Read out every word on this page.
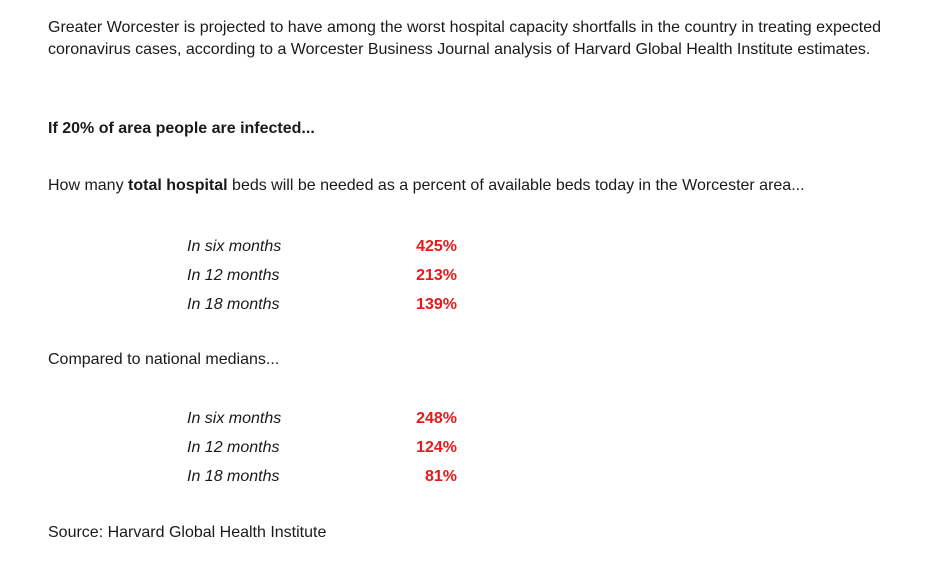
Greater Worcester is projected to have among the worst hospital capacity shortfalls in the country in treating expected coronavirus cases, according to a Worcester Business Journal analysis of Harvard Global Health Institute estimates.

If 20% of area people are infected...

How many total hospital beds will be needed as a percent of available beds today in the Worcester area...

In six months	425%
In 12 months	213%
In 18 months	139%

Compared to national medians...

In six months	248%
In 12 months	124%
In 18 months	81%

Source: Harvard Global Health Institute
